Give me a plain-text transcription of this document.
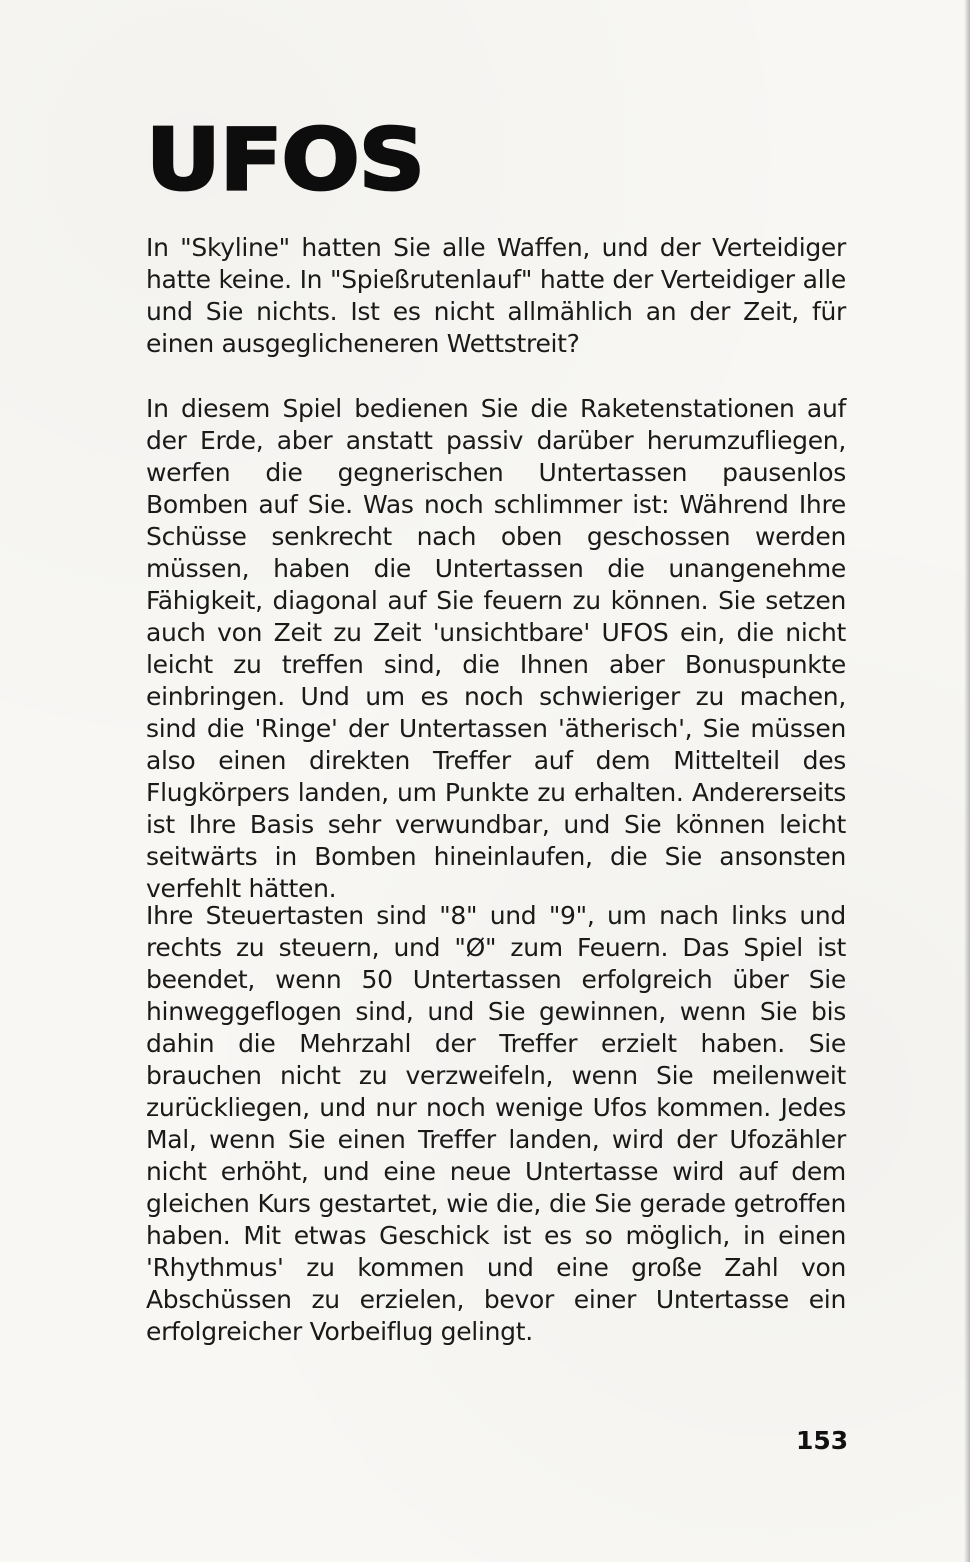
UFOS

In "Skyline" hatten Sie alle Waffen, und der Verteidiger hatte keine. In "Spießrutenlauf" hatte der Verteidiger alle und Sie nichts. Ist es nicht allmählich an der Zeit, für einen ausgeglicheneren Wettstreit?

In diesem Spiel bedienen Sie die Raketenstationen auf der Erde, aber anstatt passiv darüber herumzufliegen, werfen die gegnerischen Untertassen pausenlos Bomben auf Sie. Was noch schlimmer ist: Während Ihre Schüsse senkrecht nach oben geschossen werden müssen, haben die Untertassen die unangenehme Fähigkeit, diagonal auf Sie feuern zu können. Sie setzen auch von Zeit zu Zeit 'unsichtbare' UFOS ein, die nicht leicht zu treffen sind, die Ihnen aber Bonuspunkte einbringen. Und um es noch schwieriger zu machen, sind die 'Ringe' der Untertassen 'ätherisch', Sie müssen also einen direkten Treffer auf dem Mittelteil des Flugkörpers landen, um Punkte zu erhalten. Andererseits ist Ihre Basis sehr verwundbar, und Sie können leicht seitwärts in Bomben hineinlaufen, die Sie ansonsten verfehlt hätten.

Ihre Steuertasten sind "8" und "9", um nach links und rechts zu steuern, und "Ø" zum Feuern. Das Spiel ist beendet, wenn 50 Untertassen erfolgreich über Sie hinweggeflogen sind, und Sie gewinnen, wenn Sie bis dahin die Mehrzahl der Treffer erzielt haben. Sie brauchen nicht zu verzweifeln, wenn Sie meilenweit zurückliegen, und nur noch wenige Ufos kommen. Jedes Mal, wenn Sie einen Treffer landen, wird der Ufozähler nicht erhöht, und eine neue Untertasse wird auf dem gleichen Kurs gestartet, wie die, die Sie gerade getroffen haben. Mit etwas Geschick ist es so möglich, in einen 'Rhythmus' zu kommen und eine große Zahl von Abschüssen zu erzielen, bevor einer Untertasse ein erfolgreicher Vorbeiflug gelingt.

153
